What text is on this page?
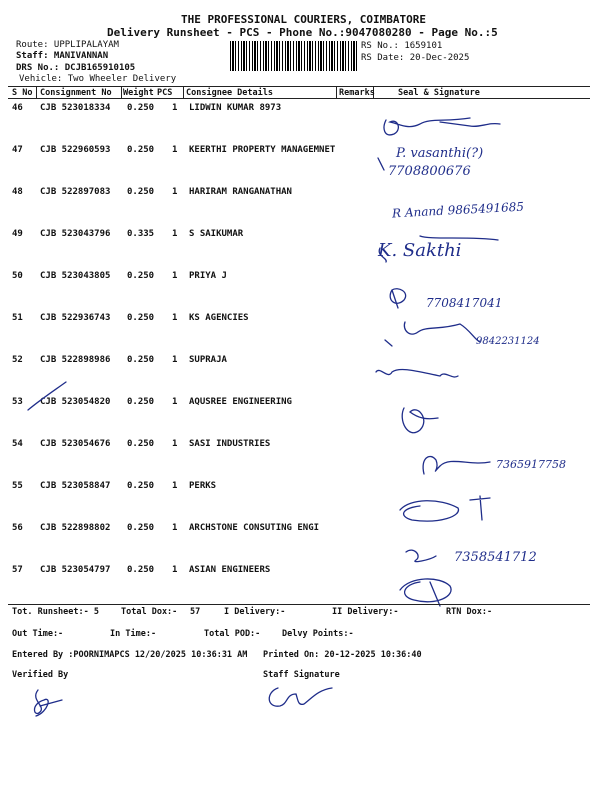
THE PROFESSIONAL COURIERS, COIMBATORE
Delivery Runsheet - PCS - Phone No.:9047080280 - Page No.:5
Route: UPPLIPALAYAM
Staff: MANIVANNAN
DRS No.: DCJB165910105
Vehicle: Two Wheeler Delivery
RS No.: 1659101
RS Date: 20-Dec-2025
S No Consignment No Weight PCS Consignee Details	Remarks	Seal & Signature
46 CJB 523018334 0.250 1 LIDWIN KUMAR 8973
47 CJB 522960593 0.250 1 KEERTHI PROPERTY MANAGEMNET
48 CJB 522897083 0.250 1 HARIRAM RANGANATHAN
49 CJB 523043796 0.335 1 S SAIKUMAR
50 CJB 523043805 0.250 1 PRIYA J
51 CJB 522936743 0.250 1 KS AGENCIES
52 CJB 522898986 0.250 1 SUPRAJA
53 CJB 523054820 0.250 1 AQUSREE ENGINEERING
54 CJB 523054676 0.250 1 SASI INDUSTRIES
55 CJB 523058847 0.250 1 PERKS
56 CJB 522898802 0.250 1 ARCHSTONE CONSUTING ENGI
57 CJB 523054797 0.250 1 ASIAN ENGINEERS
P. vasanthi(?)
7708800676
R Anand 9865491685
K. Sakthi
7708417041
9842231124
7365917758
7358541712
Tot. Runsheet:- 5	Total Dox:- 57	I Delivery:-	II Delivery:-	RTN Dox:-
Out Time:-	In Time:-	Total POD:-	Delvy Points:-
Entered By :POORNIMAPCS 12/20/2025 10:36:31 AM Printed On: 20-12-2025 10:36:40
Verified By	Staff Signature
